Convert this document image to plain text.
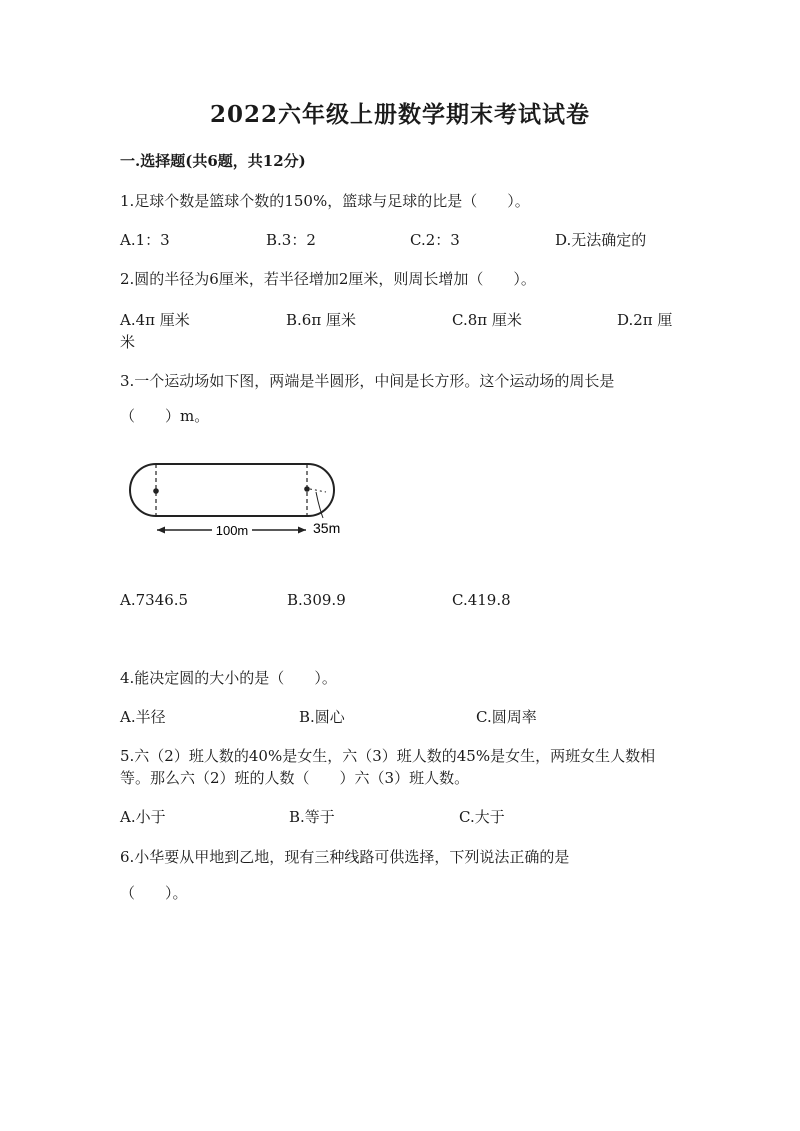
2022六年级上册数学期末考试试卷
一.选择题(共6题，共12分)
1.足球个数是篮球个数的150%，篮球与足球的比是（　　）。
A.1：3	B.3：2	C.2：3	D.无法确定的
2.圆的半径为6厘米，若半径增加2厘米，则周长增加（　　）。
A.4π 厘米	B.6π 厘米	C.8π 厘米	D.2π 厘
米
3.一个运动场如下图，两端是半圆形，中间是长方形。这个运动场的周长是
（　　）m。
100m	35m
A.7346.5	B.309.9	C.419.8
4.能决定圆的大小的是（　　）。
A.半径	B.圆心	C.圆周率
5.六（2）班人数的40%是女生，六（3）班人数的45%是女生，两班女生人数相
等。那么六（2）班的人数（　　）六（3）班人数。
A.小于	B.等于	C.大于
6.小华要从甲地到乙地，现有三种线路可供选择，下列说法正确的是
（　　）。
